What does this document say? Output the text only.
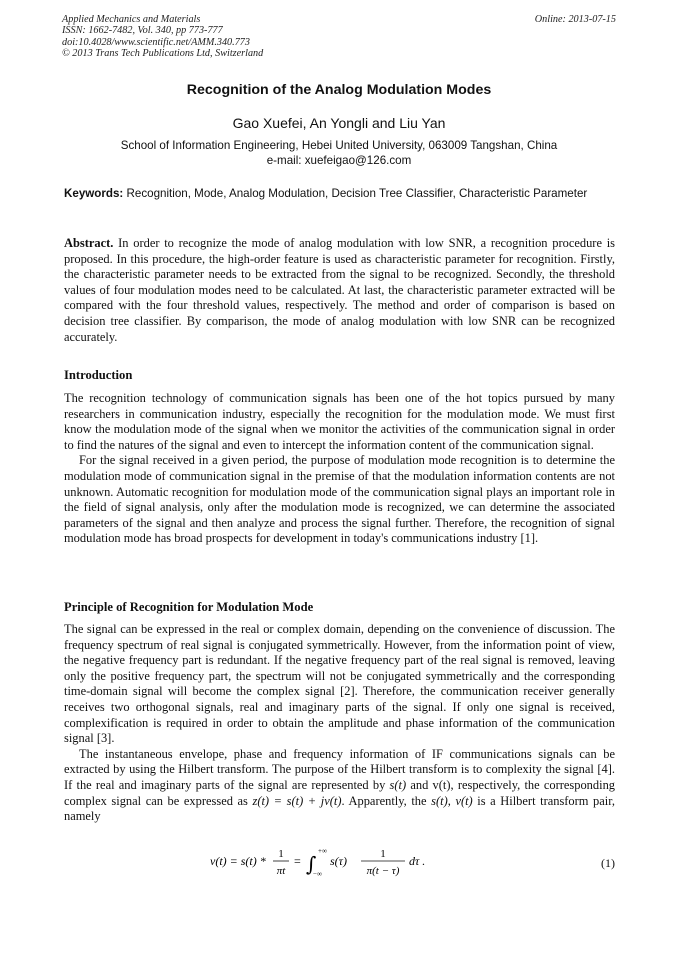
Applied Mechanics and Materials
ISSN: 1662-7482, Vol. 340, pp 773-777
doi:10.4028/www.scientific.net/AMM.340.773
© 2013 Trans Tech Publications Ltd, Switzerland
Online: 2013-07-15
Recognition of the Analog Modulation Modes
Gao Xuefei, An Yongli and Liu Yan
School of Information Engineering, Hebei United University, 063009 Tangshan, China
e-mail: xuefeigao@126.com
Keywords: Recognition, Mode, Analog Modulation, Decision Tree Classifier, Characteristic Parameter

Abstract. In order to recognize the mode of analog modulation with low SNR, a recognition procedure is proposed. In this procedure, the high-order feature is used as characteristic parameter for recognition. Firstly, the characteristic parameter needs to be extracted from the signal to be recognized. Secondly, the threshold values of four modulation modes need to be calculated. At last, the characteristic parameter extracted will be compared with the four threshold values, respectively. The method and order of comparison is based on decision tree classifier. By comparison, the mode of analog modulation with low SNR can be recognized accurately.

Introduction

The recognition technology of communication signals has been one of the hot topics pursued by many researchers in communication industry, especially the recognition for the modulation mode. We must first know the modulation mode of the signal when we monitor the activities of the communication signal in order to find the natures of the signal and even to intercept the information content of the communication signal.

For the signal received in a given period, the purpose of modulation mode recognition is to determine the modulation mode of communication signal in the premise of that the modulation information contents are not unknown. Automatic recognition for modulation mode of the communication signal plays an important role in the field of signal analysis, only after the modulation mode is recognized, we can determine the associated parameters of the signal and then analyze and process the signal further. Therefore, the recognition of signal modulation mode has broad prospects for development in today's communications industry [1].

Principle of Recognition for Modulation Mode

The signal can be expressed in the real or complex domain, depending on the convenience of discussion. The frequency spectrum of real signal is conjugated symmetrically. However, from the information point of view, the negative frequency part is redundant. If the negative frequency part of the real signal is removed, leaving only the positive frequency part, the spectrum will not be conjugated symmetrically and the corresponding time-domain signal will become the complex signal [2]. Therefore, the communication receiver generally receives two orthogonal signals, real and imaginary parts of the signal. If only one signal is received, complexification is required in order to obtain the amplitude and phase information of the communication signal [3].

The instantaneous envelope, phase and frequency information of IF communications signals can be extracted by using the Hilbert transform. The purpose of the Hilbert transform is to complexity the signal [4]. If the real and imaginary parts of the signal are represented by s(t) and v(t), respectively, the corresponding complex signal can be expressed as z(t) = s(t) + jv(t). Apparently, the s(t), v(t) is a Hilbert transform pair, namely

v(t) = s(t) * 1
πt
= ∫
+∞
−∞
s(τ)	1
π(t − τ)
dτ .	(1)
